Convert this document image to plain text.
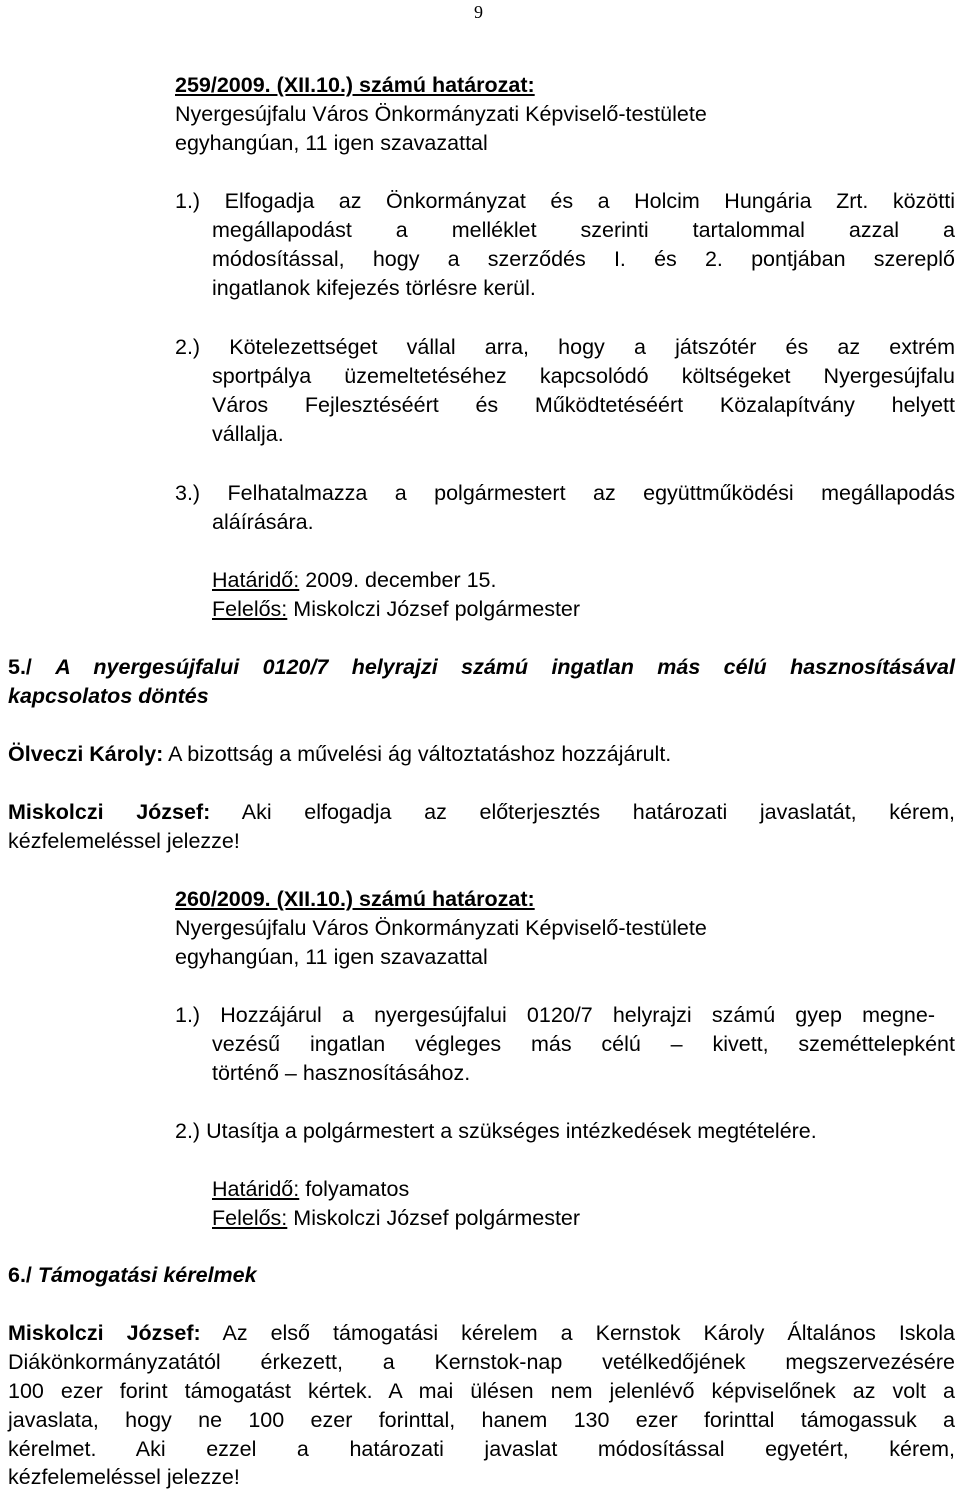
9
259/2009. (XII.10.) számú határozat:
Nyergesújfalu Város Önkormányzati Képviselő-testülete
egyhangúan, 11 igen szavazattal
1.) Elfogadja az Önkormányzat és a Holcim Hungária Zrt. közötti
megállapodást a melléklet szerinti tartalommal azzal a
módosítással, hogy a szerződés I. és 2. pontjában szereplő
ingatlanok kifejezés törlésre kerül.
2.) Kötelezettséget vállal arra, hogy a játszótér és az extrém
sportpálya üzemeltetéséhez kapcsolódó költségeket Nyergesújfalu
Város Fejlesztéséért és Működtetéséért Közalapítvány helyett
vállalja.
3.) Felhatalmazza a polgármestert az együttműködési megállapodás
aláírására.
Határidő: 2009. december 15.
Felelős: Miskolczi József polgármester
5./ A nyergesújfalui 0120/7 helyrajzi számú ingatlan más célú hasznosításával
kapcsolatos döntés
Ölveczi Károly: A bizottság a művelési ág változtatáshoz hozzájárult.
Miskolczi József: Aki elfogadja az előterjesztés határozati javaslatát, kérem,
kézfelemeléssel jelezze!
260/2009. (XII.10.) számú határozat:
Nyergesújfalu Város Önkormányzati Képviselő-testülete
egyhangúan, 11 igen szavazattal
1.) Hozzájárul a nyergesújfalui 0120/7 helyrajzi számú gyep megne-
vezésű ingatlan végleges más célú – kivett, szeméttelepként
történő – hasznosításához.
2.) Utasítja a polgármestert a szükséges intézkedések megtételére.
Határidő: folyamatos
Felelős: Miskolczi József polgármester
6./ Támogatási kérelmek
Miskolczi József: Az első támogatási kérelem a Kernstok Károly Általános Iskola
Diákönkormányzatától érkezett, a Kernstok-nap vetélkedőjének megszervezésére
100 ezer forint támogatást kértek. A mai ülésen nem jelenlévő képviselőnek az volt a
javaslata, hogy ne 100 ezer forinttal, hanem 130 ezer forinttal támogassuk a
kérelmet. Aki ezzel a határozati javaslat módosítással egyetért, kérem,
kézfelemeléssel jelezze!
